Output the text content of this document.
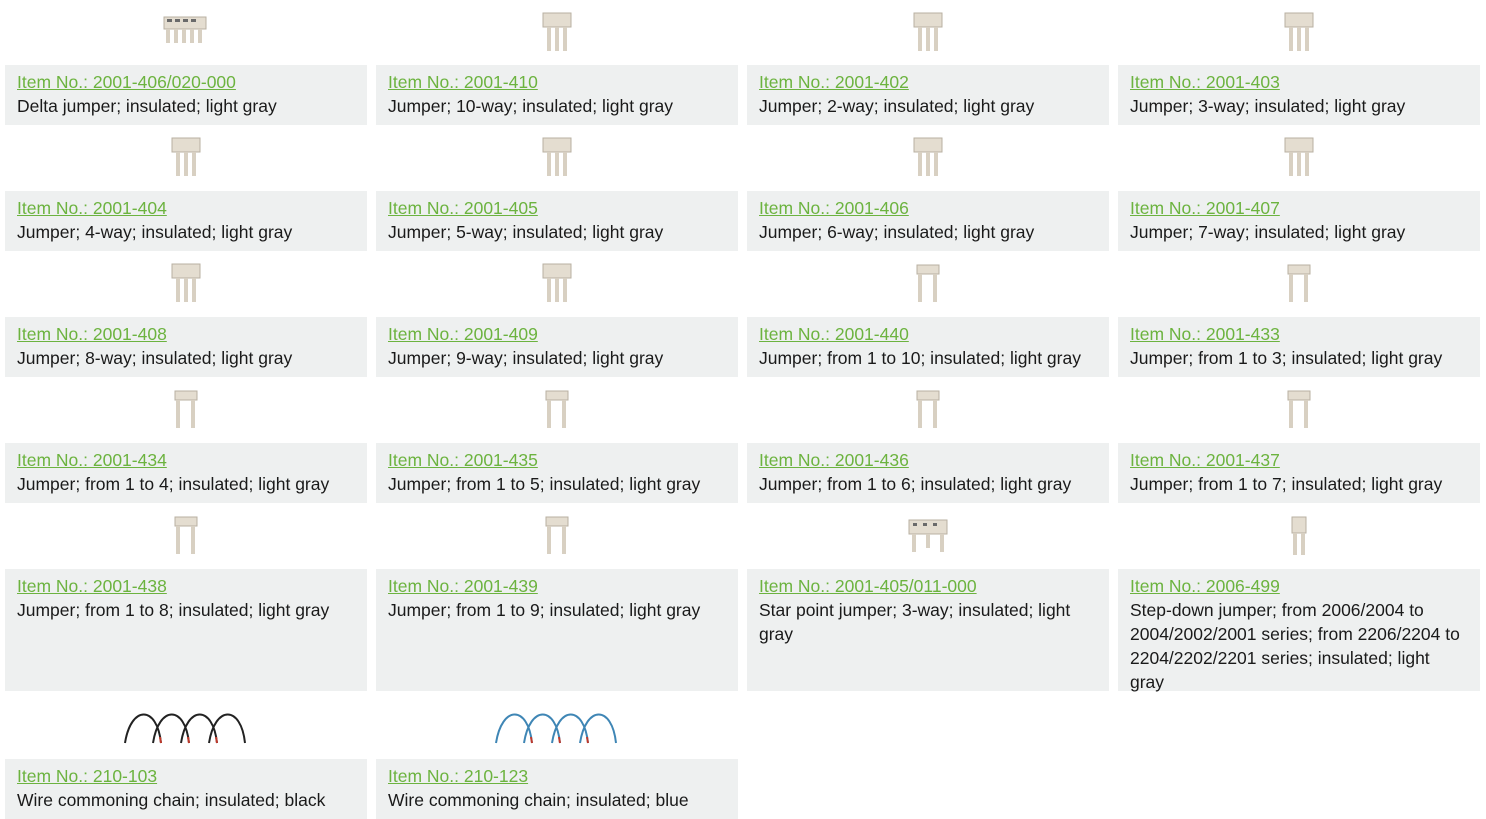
Item No.: 2001-406/020-000
Delta jumper; insulated; light gray
Item No.: 2001-410
Jumper; 10-way; insulated; light gray
Item No.: 2001-402
Jumper; 2-way; insulated; light gray
Item No.: 2001-403
Jumper; 3-way; insulated; light gray
Item No.: 2001-404
Jumper; 4-way; insulated; light gray
Item No.: 2001-405
Jumper; 5-way; insulated; light gray
Item No.: 2001-406
Jumper; 6-way; insulated; light gray
Item No.: 2001-407
Jumper; 7-way; insulated; light gray
Item No.: 2001-408
Jumper; 8-way; insulated; light gray
Item No.: 2001-409
Jumper; 9-way; insulated; light gray
Item No.: 2001-440
Jumper; from 1 to 10; insulated; light gray
Item No.: 2001-433
Jumper; from 1 to 3; insulated; light gray
Item No.: 2001-434
Jumper; from 1 to 4; insulated; light gray
Item No.: 2001-435
Jumper; from 1 to 5; insulated; light gray
Item No.: 2001-436
Jumper; from 1 to 6; insulated; light gray
Item No.: 2001-437
Jumper; from 1 to 7; insulated; light gray
Item No.: 2001-438
Jumper; from 1 to 8; insulated; light gray
Item No.: 2001-439
Jumper; from 1 to 9; insulated; light gray
Item No.: 2001-405/011-000
Star point jumper; 3-way; insulated; light gray
Item No.: 2006-499
Step-down jumper; from 2006/2004 to 2004/2002/2001 series; from 2206/2204 to 2204/2202/2201 series; insulated; light gray
Item No.: 210-103
Wire commoning chain; insulated; black
Item No.: 210-123
Wire commoning chain; insulated; blue
